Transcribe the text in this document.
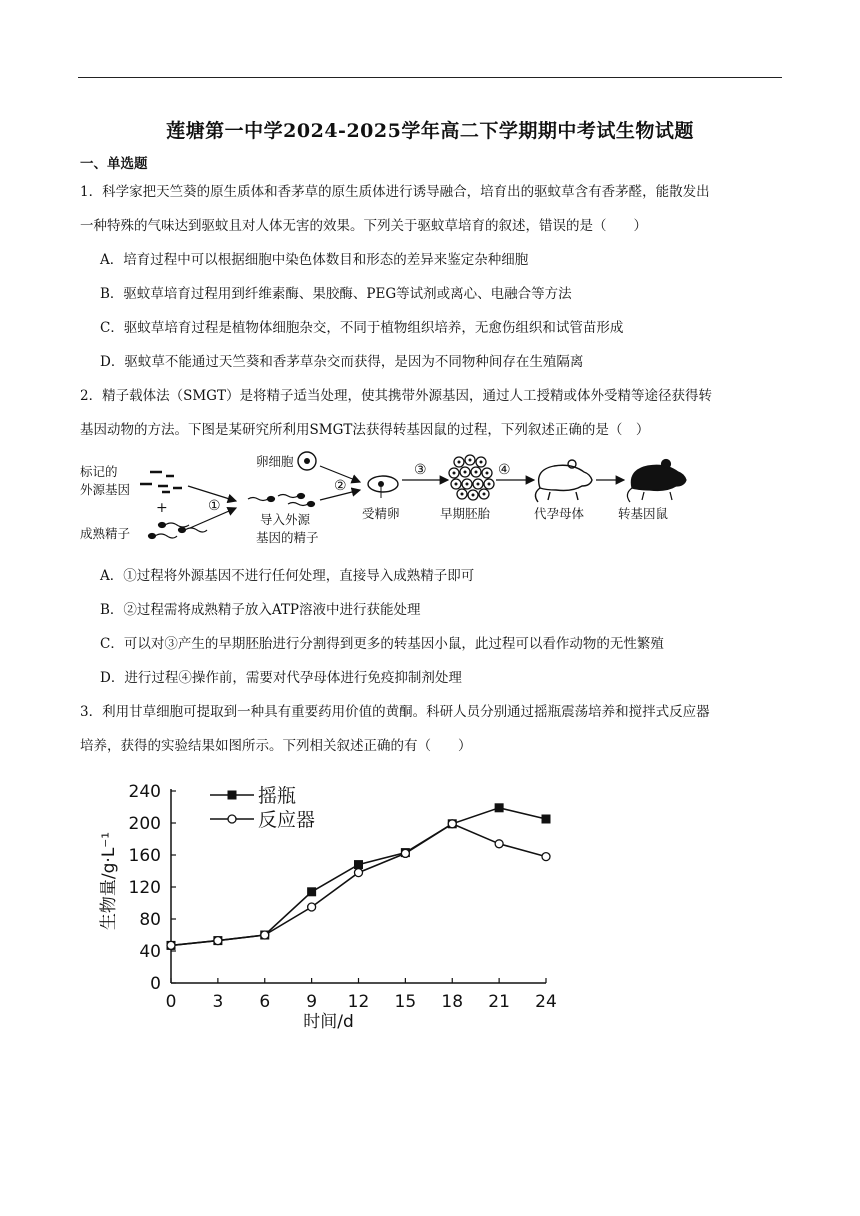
莲塘第一中学2024-2025学年高二下学期期中考试生物试题
一、单选题
1．科学家把天竺葵的原生质体和香茅草的原生质体进行诱导融合，培育出的驱蚊草含有香茅醛，能散发出
一种特殊的气味达到驱蚊且对人体无害的效果。下列关于驱蚊草培育的叙述，错误的是（　　）
A．培育过程中可以根据细胞中染色体数目和形态的差异来鉴定杂种细胞
B．驱蚊草培育过程用到纤维素酶、果胶酶、PEG等试剂或离心、电融合等方法
C．驱蚊草培育过程是植物体细胞杂交，不同于植物组织培养，无愈伤组织和试管苗形成
D．驱蚊草不能通过天竺葵和香茅草杂交而获得，是因为不同物种间存在生殖隔离
2．精子载体法（SMGT）是将精子适当处理，使其携带外源基因，通过人工授精或体外受精等途径获得转
基因动物的方法。下图是某研究所利用SMGT法获得转基因鼠的过程，下列叙述正确的是（　）
标记的
外源基因
+
成熟精子
①
导入外源
基因的精子
卵细胞
②
受精卵
③
早期胚胎
④
代孕母体	转基因鼠
A．①过程将外源基因不进行任何处理，直接导入成熟精子即可
B．②过程需将成熟精子放入ATP溶液中进行获能处理
C．可以对③产生的早期胚胎进行分割得到更多的转基因小鼠，此过程可以看作动物的无性繁殖
D．进行过程④操作前，需要对代孕母体进行免疫抑制剂处理
3．利用甘草细胞可提取到一种具有重要药用价值的黄酮。科研人员分别通过摇瓶震荡培养和搅拌式反应器
培养，获得的实验结果如图所示。下列相关叙述正确的有（　　）
0
40
80
120
160
200
240
0 3 6 9 12 15 18 21 24
时间/d
生物量/g·L⁻¹
摇瓶
反应器
